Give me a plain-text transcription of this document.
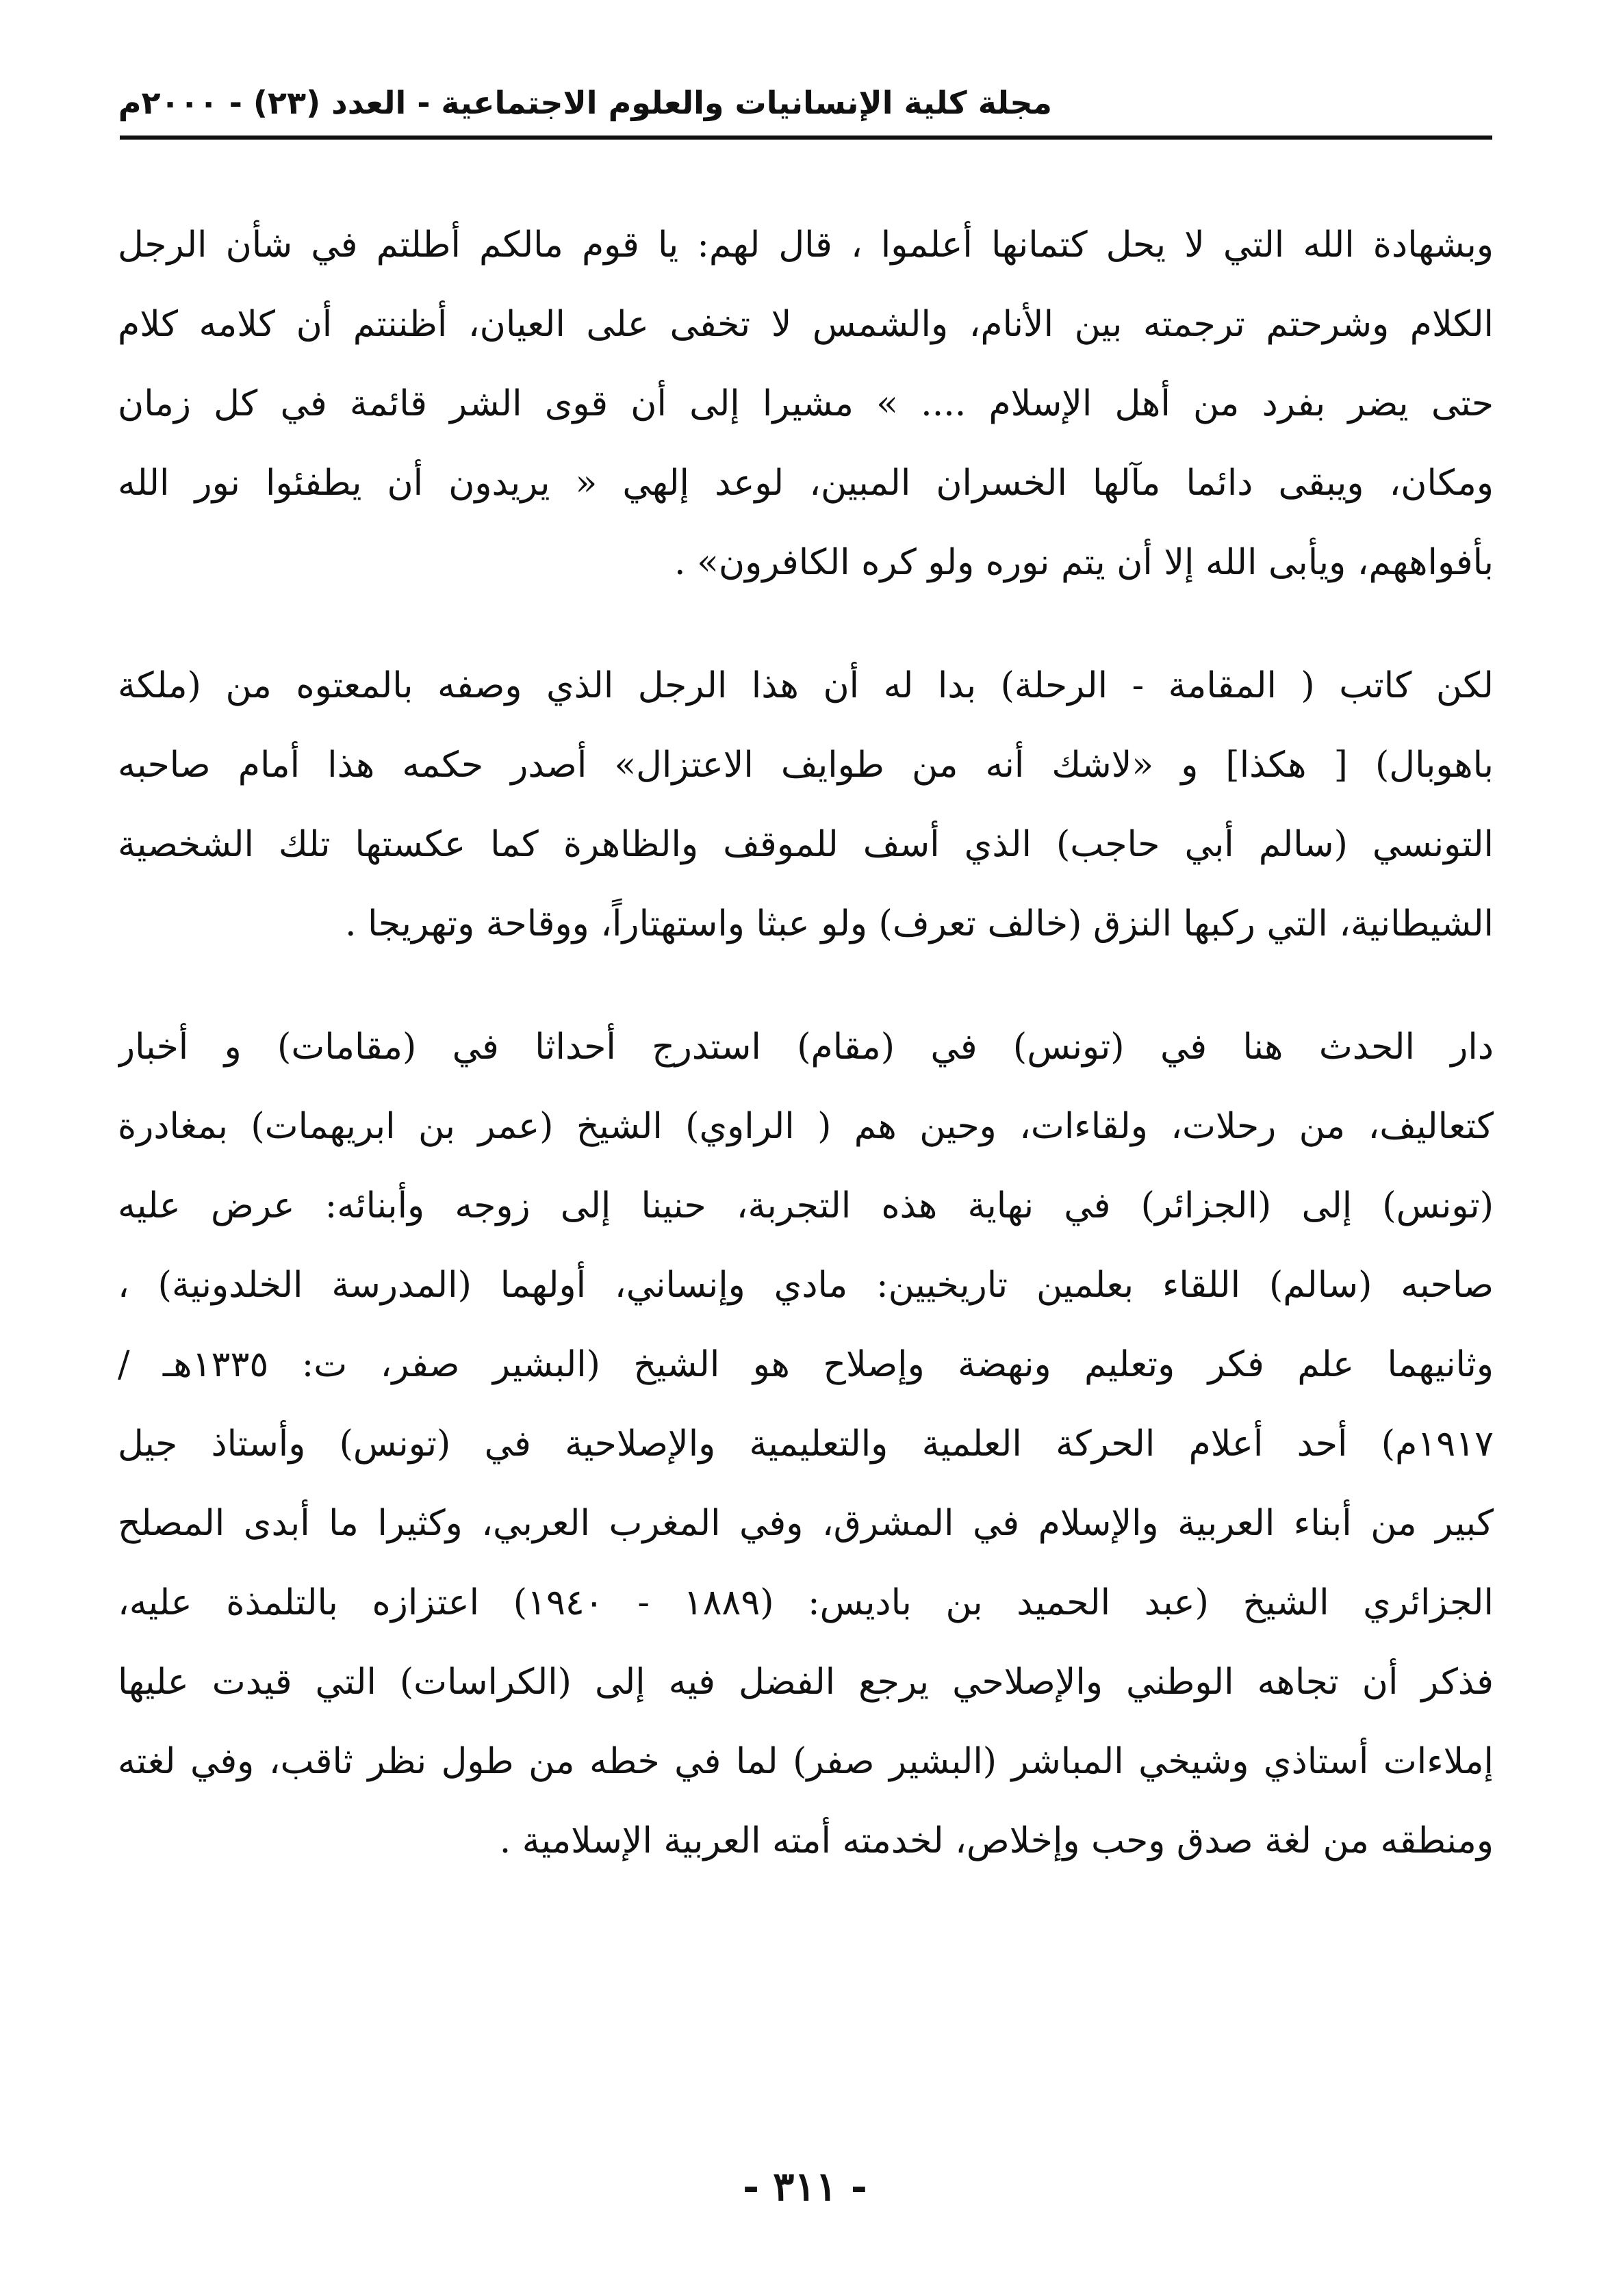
مجلة كلية الإنسانيات والعلوم الاجتماعية - العدد (٢٣) - ٢٠٠٠م
وبشهادة الله التي لا يحل كتمانها أعلموا ، قال لهم: يا قوم مالكم أطلتم في شأن الرجل
الكلام وشرحتم ترجمته بين الأنام، والشمس لا تخفى على العيان، أظننتم أن كلامه كلام
حتى يضر بفرد من أهل الإسلام .... » مشيرا إلى أن قوى الشر قائمة في كل زمان
ومكان، ويبقى دائما مآلها الخسران المبين، لوعد إلهي « يريدون أن يطفئوا نور الله
بأفواههم، ويأبى الله إلا أن يتم نوره ولو كره الكافرون» .
لكن كاتب ( المقامة - الرحلة) بدا له أن هذا الرجل الذي وصفه بالمعتوه من (ملكة
باهوبال) [ هكذا] و «لاشك أنه من طوايف الاعتزال» أصدر حكمه هذا أمام صاحبه
التونسي (سالم أبي حاجب) الذي أسف للموقف والظاهرة كما عكستها تلك الشخصية
الشيطانية، التي ركبها النزق (خالف تعرف) ولو عبثا واستهتاراً، ووقاحة وتهريجا .
دار الحدث هنا في (تونس) في (مقام) استدرج أحداثا في (مقامات) و أخبار
كتعاليف، من رحلات، ولقاءات، وحين هم ( الراوي) الشيخ (عمر بن ابريهمات) بمغادرة
(تونس) إلى (الجزائر) في نهاية هذه التجربة، حنينا إلى زوجه وأبنائه: عرض عليه
صاحبه (سالم) اللقاء بعلمين تاريخيين: مادي وإنساني، أولهما (المدرسة الخلدونية) ،
وثانيهما علم فكر وتعليم ونهضة وإصلاح هو الشيخ (البشير صفر، ت: ١٣٣٥هـ /
١٩١٧م) أحد أعلام الحركة العلمية والتعليمية والإصلاحية في (تونس) وأستاذ جيل
كبير من أبناء العربية والإسلام في المشرق، وفي المغرب العربي، وكثيرا ما أبدى المصلح
الجزائري الشيخ (عبد الحميد بن باديس: (١٨٨٩ - ١٩٤٠) اعتزازه بالتلمذة عليه،
فذكر أن تجاهه الوطني والإصلاحي يرجع الفضل فيه إلى (الكراسات) التي قيدت عليها
إملاءات أستاذي وشيخي المباشر (البشير صفر) لما في خطه من طول نظر ثاقب، وفي لغته
ومنطقه من لغة صدق وحب وإخلاص، لخدمته أمته العربية الإسلامية .
- ٣١١ -
